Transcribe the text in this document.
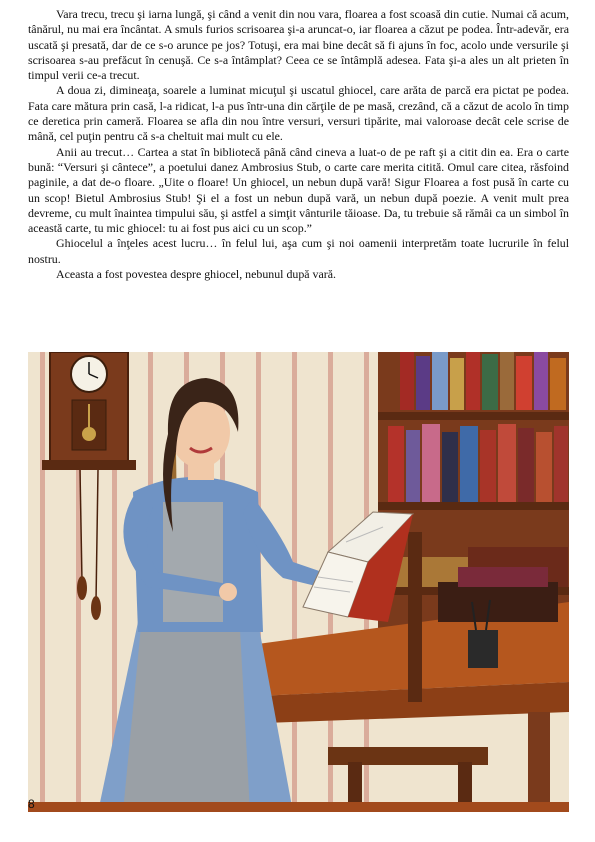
Vara trecu, trecu şi iarna lungă, şi când a venit din nou vara, floarea a fost scoasă din cutie. Numai că acum, tânărul, nu mai era încântat. A smuls furios scrisoarea şi-a aruncat-o, iar floarea a căzut pe podea. Într-adevăr, era uscată şi presată, dar de ce s-o arunce pe jos? Totuşi, era mai bine decât să fi ajuns în foc, acolo unde versurile şi scrisoarea s-au prefăcut în cenuşă. Ce s-a întâmplat? Ceea ce se întâmplă adesea. Fata şi-a ales un alt prieten în timpul verii ce-a trecut.

A doua zi, dimineaţa, soarele a luminat micuţul şi uscatul ghiocel, care arăta de parcă era pictat pe podea. Fata care mătura prin casă, l-a ridicat, l-a pus într-una din cărţile de pe masă, crezând, că a căzut de acolo în timp ce deretica prin cameră. Floarea se afla din nou între versuri, versuri tipărite, mai valoroase decât cele scrise de mână, cel puţin pentru că s-a cheltuit mai mult cu ele.

Anii au trecut… Cartea a stat în bibliotecă până când cineva a luat-o de pe raft şi a citit din ea. Era o carte bună: “Versuri şi cântece”, a poetului danez Ambrosius Stub, o carte care merita citită. Omul care citea, răsfoind paginile, a dat de-o floare. „Uite o floare! Un ghiocel, un nebun după vară! Sigur Floarea a fost pusă în carte cu un scop! Bietul Ambrosius Stub! Şi el a fost un nebun după vară, un nebun după poezie. A venit mult prea devreme, cu mult înaintea timpului său, şi astfel a simţit vânturile tăioase. Da, tu trebuie să rămâi ca un simbol în această carte, tu mic ghiocel: tu ai fost pus aici cu un scop.”

Ghiocelul a înţeles acest lucru… în felul lui, aşa cum şi noi oamenii interpretăm toate lucrurile în felul nostru.

Aceasta a fost povestea despre ghiocel, nebunul după vară.

8
